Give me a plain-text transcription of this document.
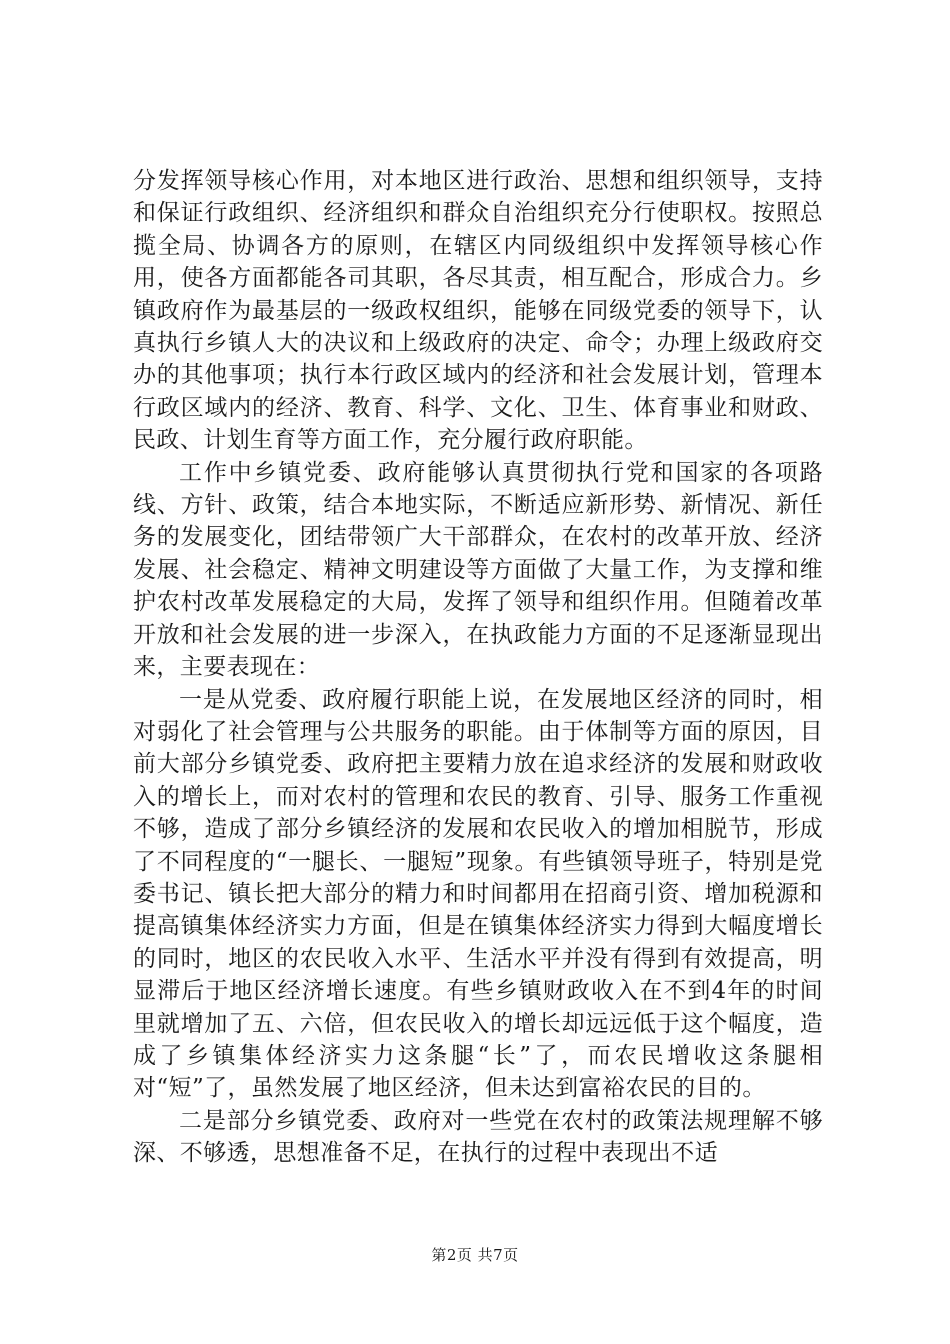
分发挥领导核心作用，对本地区进行政治、思想和组织领导，支持和保证行政组织、经济组织和群众自治组织充分行使职权。按照总揽全局、协调各方的原则，在辖区内同级组织中发挥领导核心作用，使各方面都能各司其职，各尽其责，相互配合，形成合力。乡镇政府作为最基层的一级政权组织，能够在同级党委的领导下，认真执行乡镇人大的决议和上级政府的决定、命令；办理上级政府交办的其他事项；执行本行政区域内的经济和社会发展计划，管理本行政区域内的经济、教育、科学、文化、卫生、体育事业和财政、民政、计划生育等方面工作，充分履行政府职能。

工作中乡镇党委、政府能够认真贯彻执行党和国家的各项路线、方针、政策，结合本地实际，不断适应新形势、新情况、新任务的发展变化，团结带领广大干部群众，在农村的改革开放、经济发展、社会稳定、精神文明建设等方面做了大量工作，为支撑和维护农村改革发展稳定的大局，发挥了领导和组织作用。但随着改革开放和社会发展的进一步深入，在执政能力方面的不足逐渐显现出来，主要表现在：

一是从党委、政府履行职能上说，在发展地区经济的同时，相对弱化了社会管理与公共服务的职能。由于体制等方面的原因，目前大部分乡镇党委、政府把主要精力放在追求经济的发展和财政收入的增长上，而对农村的管理和农民的教育、引导、服务工作重视不够，造成了部分乡镇经济的发展和农民收入的增加相脱节，形成了不同程度的“一腿长、一腿短”现象。有些镇领导班子，特别是党委书记、镇长把大部分的精力和时间都用在招商引资、增加税源和提高镇集体经济实力方面，但是在镇集体经济实力得到大幅度增长的同时，地区的农民收入水平、生活水平并没有得到有效提高，明显滞后于地区经济增长速度。有些乡镇财政收入在不到4年的时间里就增加了五、六倍，但农民收入的增长却远远低于这个幅度，造成了乡镇集体经济实力这条腿“长”了，而农民增收这条腿相对“短”了，虽然发展了地区经济，但未达到富裕农民的目的。

二是部分乡镇党委、政府对一些党在农村的政策法规理解不够深、不够透，思想准备不足，在执行的过程中表现出不适

第2页 共7页
